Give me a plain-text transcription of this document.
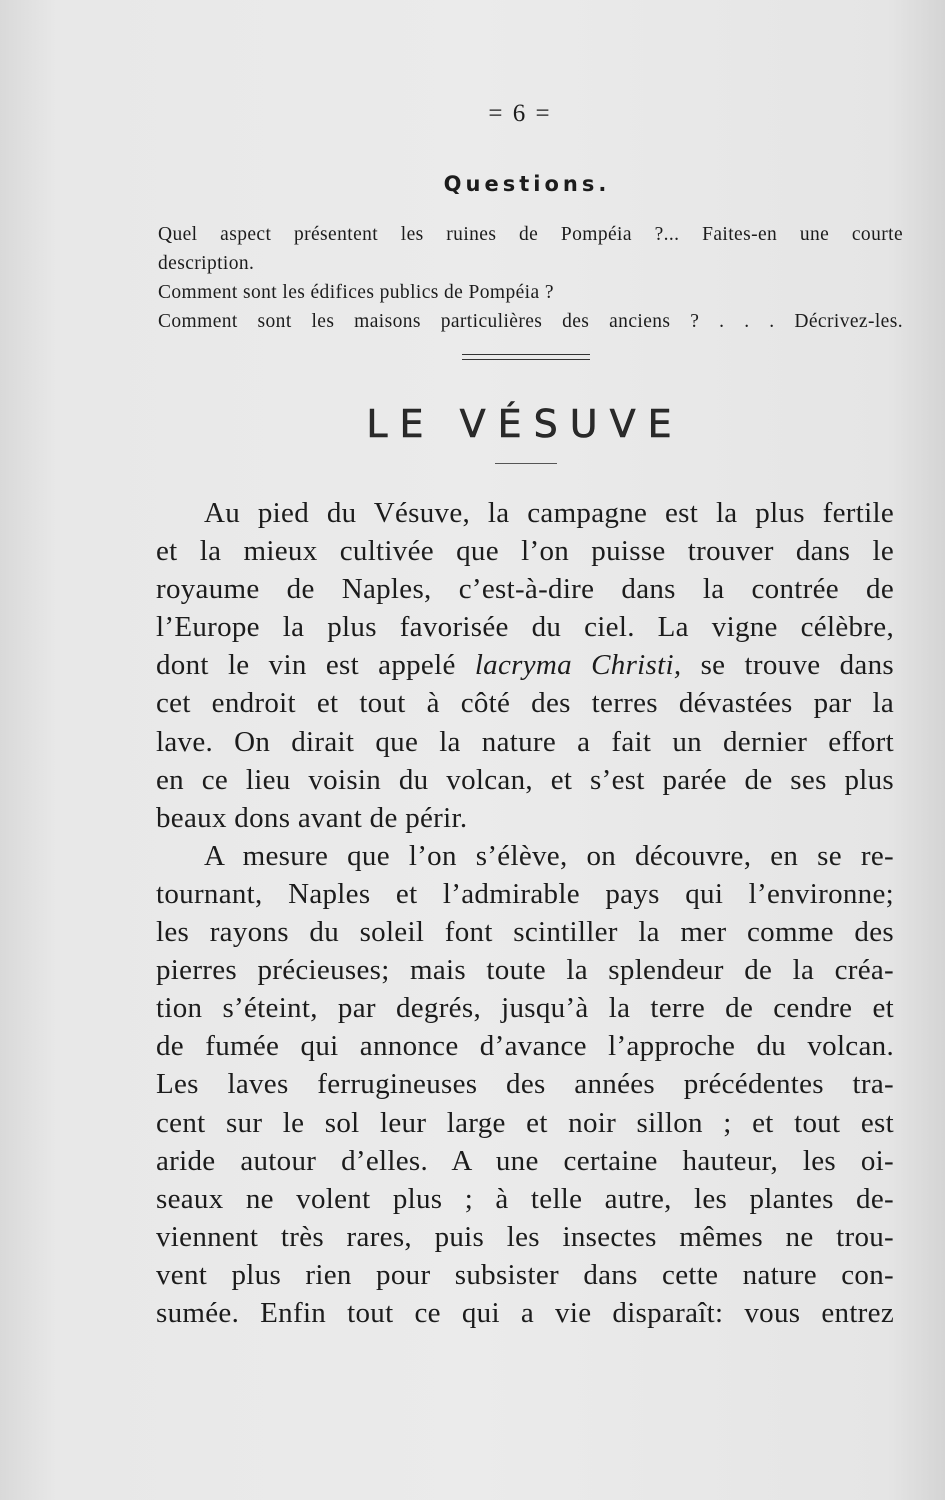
= 6 =
Questions.

Quel aspect présentent les ruines de Pompéia ?... Faites-en une courte
description.

Comment sont les édifices publics de Pompéia ?

Comment sont les maisons particulières des anciens ? . . . Décrivez-les.

LE VÉSUVE
Au pied du Vésuve, la campagne est la plus fertile
et la mieux cultivée que l’on puisse trouver dans le
royaume de Naples, c’est-à-dire dans la contrée de
l’Europe la plus favorisée du ciel. La vigne célèbre,
dont le vin est appelé lacryma Christi, se trouve dans
cet endroit et tout à côté des terres dévastées par la
lave. On dirait que la nature a fait un dernier effort
en ce lieu voisin du volcan, et s’est parée de ses plus
beaux dons avant de périr.
A mesure que l’on s’élève, on découvre, en se re-
tournant, Naples et l’admirable pays qui l’environne;
les rayons du soleil font scintiller la mer comme des
pierres précieuses; mais toute la splendeur de la créa-
tion s’éteint, par degrés, jusqu’à la terre de cendre et
de fumée qui annonce d’avance l’approche du volcan.
Les laves ferrugineuses des années précédentes tra-
cent sur le sol leur large et noir sillon ; et tout est
aride autour d’elles. A une certaine hauteur, les oi-
seaux ne volent plus ; à telle autre, les plantes de-
viennent très rares, puis les insectes mêmes ne trou-
vent plus rien pour subsister dans cette nature con-
sumée. Enfin tout ce qui a vie disparaît: vous entrez
